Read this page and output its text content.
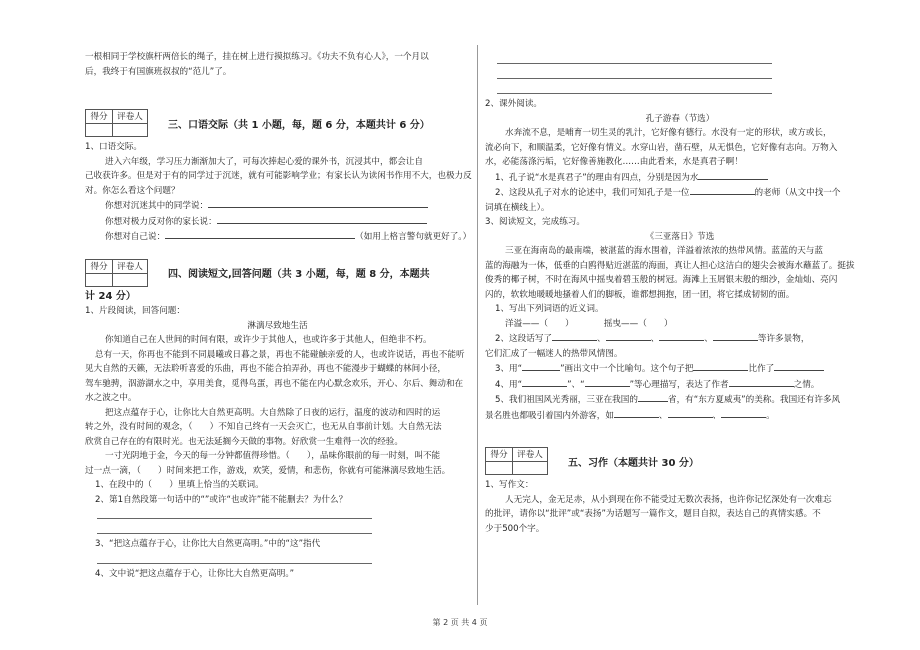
一根相同于学校旗杆两倍长的绳子，挂在树上进行摸拟练习。《功夫不负有心人》，一个月以
后，我终于有国旗班叔叔的“范儿”了。
得分	评卷人
三、口语交际（共 1 小题，每，题 6 分，本题共计 6 分）
1、口语交际。
进入六年级，学习压力渐渐加大了，可每次捧起心爱的课外书，沉浸其中，都会让自
己收获许多。但是对于有的同学过于沉迷，就有可能影响学业；有家长认为读闲书作用不大，也极力反
对。你怎么看这个问题？
你想对沉迷其中的同学说：
你想对极力反对你的家长说：
你想对自己说：	（如用上格言警句就更好了。）
得分	评卷人
四、阅读短文,回答问题（共 3 小题，每，题 8 分，本题共
计 24 分）
1、片段阅读，回答问题：
淋漓尽致地生活
你知道自己在人世间的时间有限，或许少于其他人，也或许多于其他人，但绝非不朽。
总有一天，你再也不能到不同晨曦或日暮之景，再也不能碰触亲爱的人，也或许说话，再也不能听
见大自然的天籁，无法聆听喜爱的乐曲，再也不能合拍弄孙，再也不能漫步于蝴蝶的林间小径，
驾车驰骋，泅游湖水之中，享用美食，觅得鸟蛋，再也不能在内心默念欢乐，开心、尔后、舞动和在
水之波之中。
把这点蕴存于心，让你比大自然更高明。大自然除了日夜的运行，温度的波动和四时的运
转之外，没有时间的观念，（　　）不知自己终有一天会灭亡，也无从自事前计划。大自然无法
欣赏自己存在的有限时光。也无法延搁今天做的事物。好欣赏一生难得一次的经验。
一寸光阴地于金，今天的每一分钟都值得珍惜。（　　），品味你眼前的每一时刻，叫不能
过一点一滴，（　　）时间来把工作，游戏，欢笑，爱情，和悲伤，你就有可能淋漓尽致地生活。
1、在段中的（　　）里填上恰当的关联词。
2、第1自然段第一句话中的“”或许“也或许”能不能删去？为什么？
3、“把这点蕴存于心，让你比大自然更高明。”中的“这”指代
4、文中说“把这点蕴存于心，让你比大自然更高明。”
2、课外阅读。
孔子游春（节选）
水奔流不息，是哺育一切生灵的乳汁，它好像有德行。水没有一定的形状，或方或长，
流必向下，和顺温柔，它好像有情义。水穿山岩，凿石壁，从无惧色，它好像有志向。万物入
水，必能荡涤污垢，它好像善施教化……由此看来，水是真君子啊！
1、孔子说“水是真君子”的理由有四点，分别是因为水
2、这段从孔子对水的论述中，我们可知孔子是一位	的老师（从文中找一个
词填在横线上）。
3、阅读短文，完成练习。
《三亚落日》节选
三亚在海南岛的最南端，被湛蓝的海水围着，洋溢着浓浓的热带风情。蓝蓝的天与蓝
蓝的海融为一体，低垂的白鸥得贴近湛蓝的海面，真让人担心这洁白的翅尖会被海水蘸蓝了。挺拔
俊秀的椰子树，不时在海风中摇曳着碧玉般的树冠。海滩上玉屑银末般的细沙，金灿灿、亮闪
闪的，软软地暖暖地搔着人们的脚板，谁都想拥抱，团一团，将它揉成韧韧的面。
1、写出下列词语的近义词。
洋溢——（　　）　　　　摇曳——（　　）
2、这段话写了	、	、	、	等许多景物，
它们汇成了一幅迷人的热带风情图。
3、用“	”画出文中一个比喻句。这个句子把	比作了
4、用“	”、“	”等心理描写，表达了作者	之情。
5、我们祖国风光秀丽，三亚在我国的	省，有“东方夏威夷”的美称。我国还有许多风
景名胜也都吸引着国内外游客，如	、	、	。
得分	评卷人
五、习作（本题共计 30 分）
1、写作文：
人无完人，金无足赤，从小到现在你不能受过无数次表扬，也许你记忆深处有一次难忘
的批评，请你以“批评”或“表扬”为话题写一篇作文，题目自拟，表达自己的真情实感。不
少于500个字。
第 2 页 共 4 页
